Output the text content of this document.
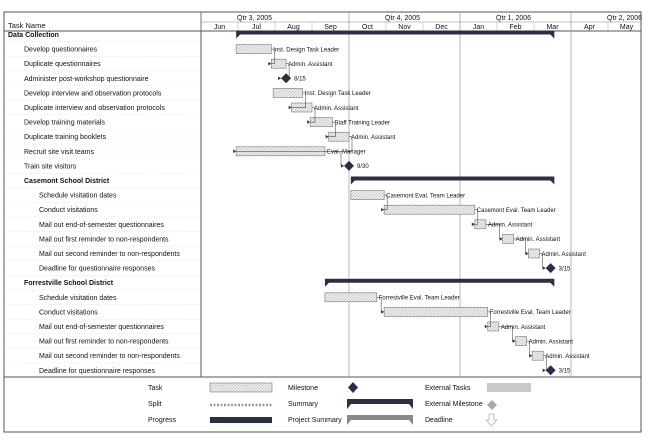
Task Name
Qtr 3, 2005
Jun	Jul	Aug	Sep
Qtr 4, 2005
Oct	Nov	Dec
Qtr 1, 2006
Jan	Feb	Mar
Qtr 2, 2006
Apr	May
Data Collection
Develop questionnaires
Duplicate questionnaires
Administer post-workshop questionnaire
Develop interview and observation protocols
Duplicate interview and observation protocols
Develop training materials
Duplicate training booklets
Recruit site visit teams
Train site visitors
Casemont School District
Schedule visitation dates
Conduct visitations
Mail out end-of-semester questionnaires
Mail out first reminder to non-respondents
Mail out second reminder to non-respondents
Deadline for questionnaire responses
Forrestville School District
Schedule visitation dates
Conduct visitations
Mail out end-of-semester questionnaires
Mail out first reminder to non-respondents
Mail out second reminder to non-respondents
Deadline for questionnaire responses
Inst. Design Task Leader
Admin. Assistant
8/15
Inst. Design Task Leader
Admin. Assistant
Staff Training Leader
Admin. Assistant
Eval. Manager
9/30
Casemont Eval. Team Leader
Casemont Eval. Team Leader
Admin. Assistant
Admin. Assistant
Admin. Assistant
3/15
Forrestville Eval. Team Leader
Forrestville Eval. Team Leader
Admin. Assistant
Admin. Assistant
Admin. Assistant
3/15
Task
Split
Progress
Milestone
Summary
Project Summary
External Tasks
External Milestone
Deadline
